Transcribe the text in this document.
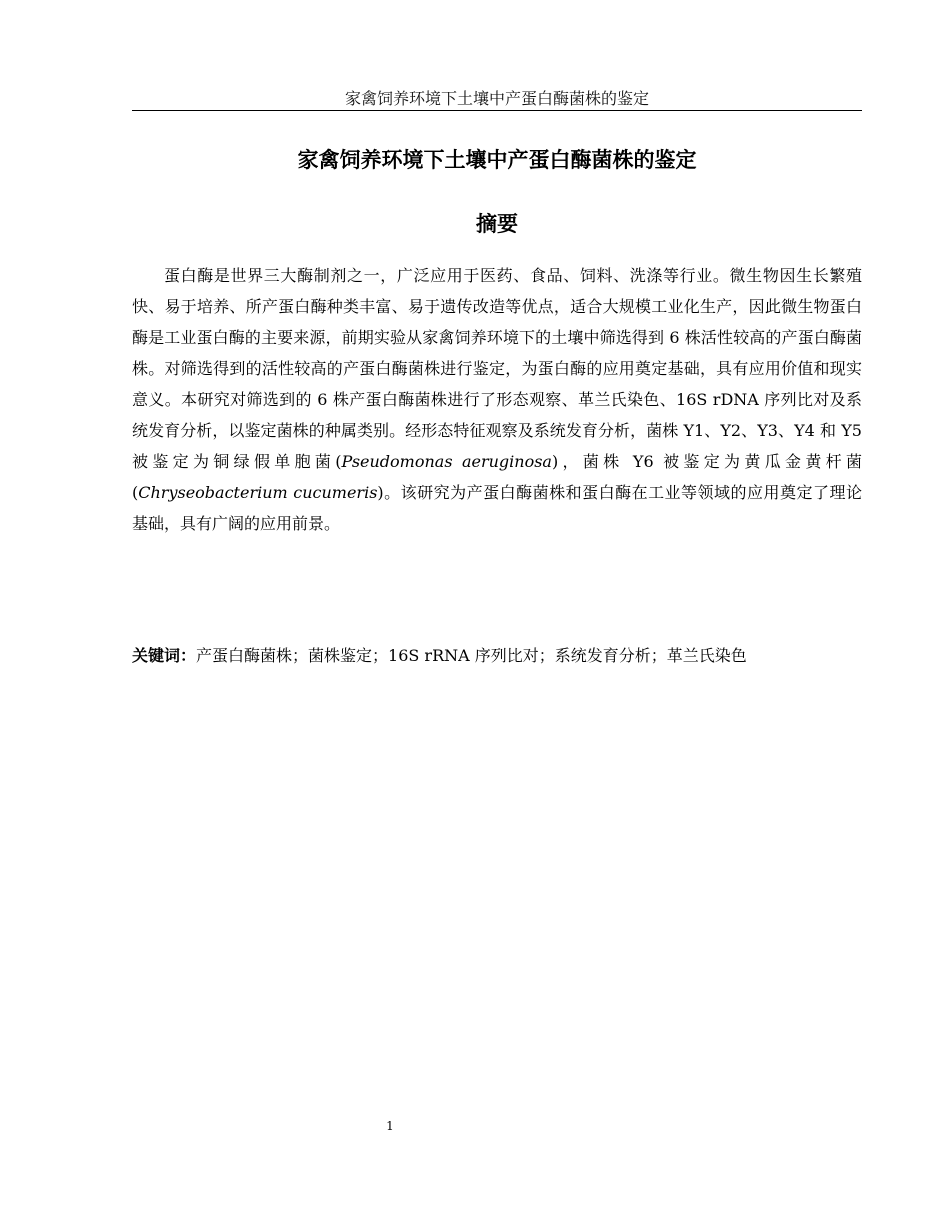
家禽饲养环境下土壤中产蛋白酶菌株的鉴定
家禽饲养环境下土壤中产蛋白酶菌株的鉴定
摘要

蛋白酶是世界三大酶制剂之一，广泛应用于医药、食品、饲料、洗涤等行业。微生物因生长繁殖快、易于培养、所产蛋白酶种类丰富、易于遗传改造等优点，适合大规模工业化生产，因此微生物蛋白酶是工业蛋白酶的主要来源，前期实验从家禽饲养环境下的土壤中筛选得到 6 株活性较高的产蛋白酶菌株。对筛选得到的活性较高的产蛋白酶菌株进行鉴定，为蛋白酶的应用奠定基础，具有应用价值和现实意义。本研究对筛选到的 6 株产蛋白酶菌株进行了形态观察、革兰氏染色、16S rDNA 序列比对及系统发育分析，以鉴定菌株的种属类别。经形态特征观察及系统发育分析，菌株 Y1、Y2、Y3、Y4 和 Y5 被鉴定为铜绿假单胞菌(Pseudomonas aeruginosa)，菌株 Y6 被鉴定为黄瓜金黄杆菌(Chryseobacterium cucumeris)。该研究为产蛋白酶菌株和蛋白酶在工业等领域的应用奠定了理论基础，具有广阔的应用前景。

关键词：产蛋白酶菌株；菌株鉴定；16S rRNA 序列比对；系统发育分析；革兰氏染色

1
